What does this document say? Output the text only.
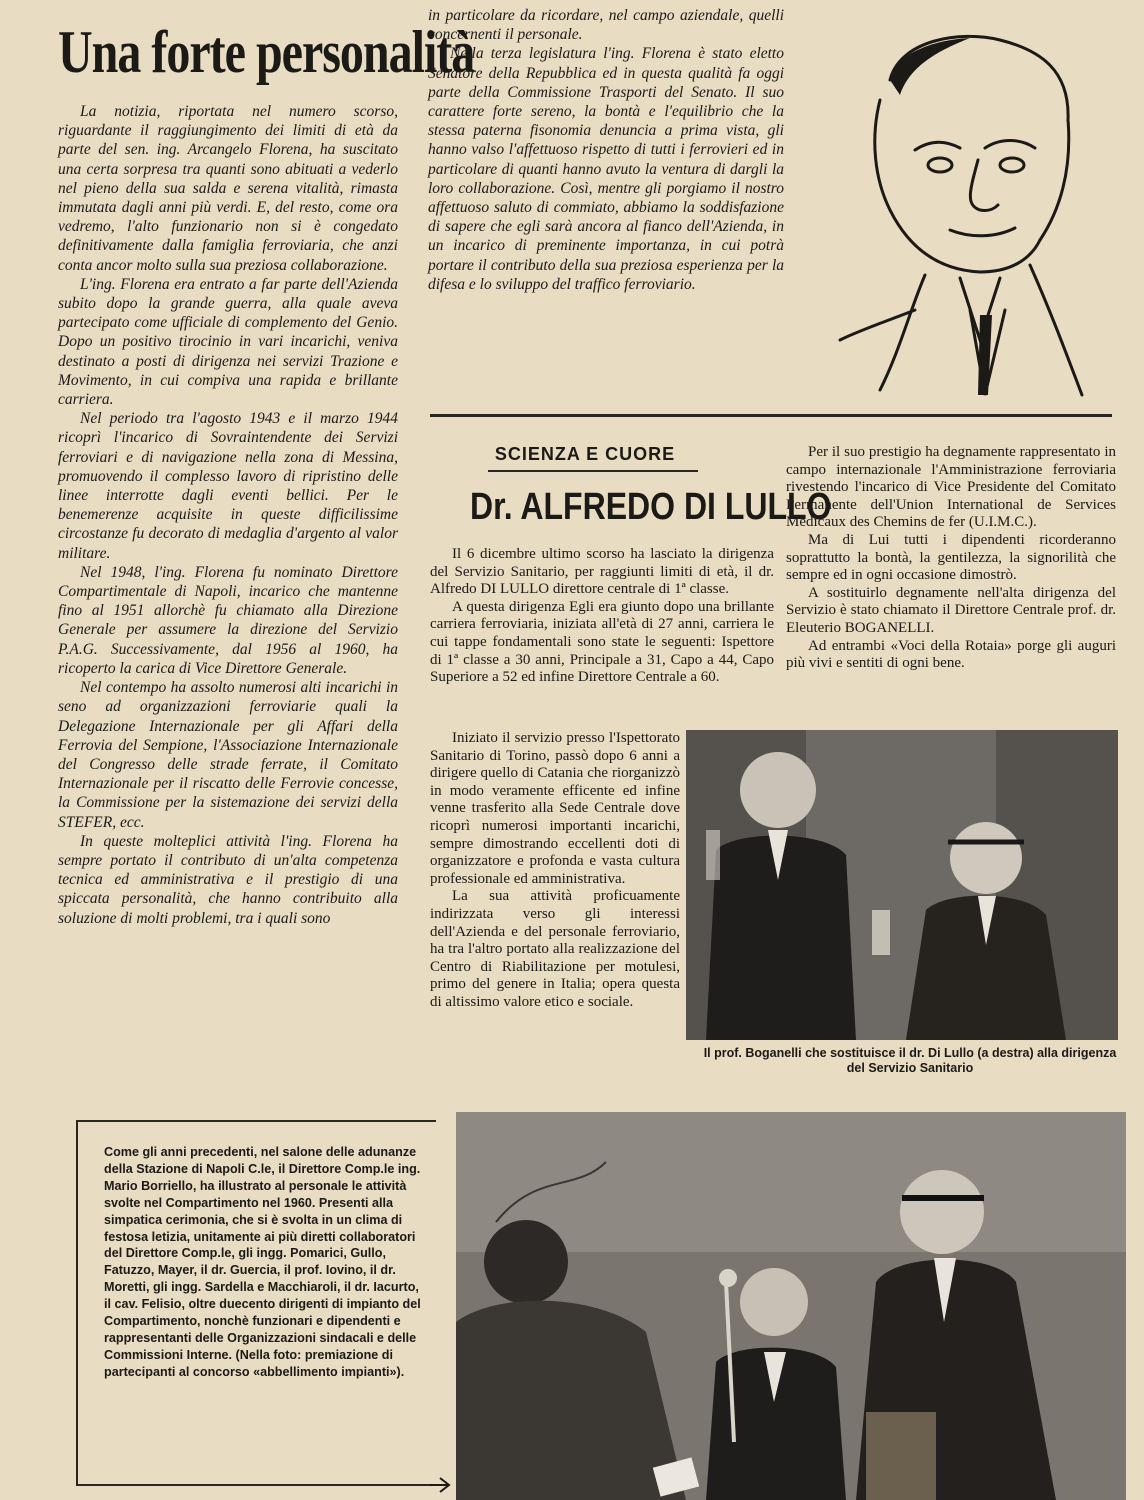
Una forte personalità

La notizia, riportata nel numero scorso, riguardante il raggiungimento dei limiti di età da parte del sen. ing. Arcangelo Florena, ha suscitato una certa sorpresa tra quanti sono abituati a vederlo nel pieno della sua salda e serena vitalità, rimasta immutata dagli anni più verdi. E, del resto, come ora vedremo, l'alto funzionario non si è congedato definitivamente dalla famiglia ferroviaria, che anzi conta ancor molto sulla sua preziosa collaborazione.

L'ing. Florena era entrato a far parte dell'Azienda subito dopo la grande guerra, alla quale aveva partecipato come ufficiale di complemento del Genio. Dopo un positivo tirocinio in vari incarichi, veniva destinato a posti di dirigenza nei servizi Trazione e Movimento, in cui compiva una rapida e brillante carriera.

Nel periodo tra l'agosto 1943 e il marzo 1944 ricoprì l'incarico di Sovraintendente dei Servizi ferroviari e di navigazione nella zona di Messina, promuovendo il complesso lavoro di ripristino delle linee interrotte dagli eventi bellici. Per le benemerenze acquisite in queste difficilissime circostanze fu decorato di medaglia d'argento al valor militare.

Nel 1948, l'ing. Florena fu nominato Direttore Compartimentale di Napoli, incarico che mantenne fino al 1951 allorchè fu chiamato alla Direzione Generale per assumere la direzione del Servizio P.A.G. Successivamente, dal 1956 al 1960, ha ricoperto la carica di Vice Direttore Generale.

Nel contempo ha assolto numerosi alti incarichi in seno ad organizzazioni ferroviarie quali la Delegazione Internazionale per gli Affari della Ferrovia del Sempione, l'Associazione Internazionale del Congresso delle strade ferrate, il Comitato Internazionale per il riscatto delle Ferrovie concesse, la Commissione per la sistemazione dei servizi della STEFER, ecc.

In queste molteplici attività l'ing. Florena ha sempre portato il contributo di un'alta competenza tecnica ed amministrativa e il prestigio di una spiccata personalità, che hanno contribuito alla soluzione di molti problemi, tra i quali sono

in particolare da ricordare, nel campo aziendale, quelli concernenti il personale.

Nella terza legislatura l'ing. Florena è stato eletto Senatore della Repubblica ed in questa qualità fa oggi parte della Commissione Trasporti del Senato. Il suo carattere forte sereno, la bontà e l'equilibrio che la stessa paterna fisonomia denuncia a prima vista, gli hanno valso l'affettuoso rispetto di tutti i ferrovieri ed in particolare di quanti hanno avuto la ventura di dargli la loro collaborazione. Così, mentre gli porgiamo il nostro affettuoso saluto di commiato, abbiamo la soddisfazione di sapere che egli sarà ancora al fianco dell'Azienda, in un incarico di preminente importanza, in cui potrà portare il contributo della sua preziosa esperienza per la difesa e lo sviluppo del traffico ferroviario.

SCIENZA E CUORE
Dr. ALFREDO DI LULLO

Il 6 dicembre ultimo scorso ha lasciato la dirigenza del Servizio Sanitario, per raggiunti limiti di età, il dr. Alfredo DI LULLO direttore centrale di 1ª classe.

A questa dirigenza Egli era giunto dopo una brillante carriera ferroviaria, iniziata all'età di 27 anni, carriera le cui tappe fondamentali sono state le seguenti: Ispettore di 1ª classe a 30 anni, Principale a 31, Capo a 44, Capo Superiore a 52 ed infine Direttore Centrale a 60.

Iniziato il servizio presso l'Ispettorato Sanitario di Torino, passò dopo 6 anni a dirigere quello di Catania che riorganizzò in modo veramente efficente ed infine venne trasferito alla Sede Centrale dove ricoprì numerosi importanti incarichi, sempre dimostrando eccellenti doti di organizzatore e profonda e vasta cultura professionale ed amministrativa.

La sua attività proficuamente indirizzata verso gli interessi dell'Azienda e del personale ferroviario, ha tra l'altro portato alla realizzazione del Centro di Riabilitazione per motulesi, primo del genere in Italia; opera questa di altissimo valore etico e sociale.

Per il suo prestigio ha degnamente rappresentato in campo internazionale l'Amministrazione ferroviaria rivestendo l'incarico di Vice Presidente del Comitato Permanente dell'Union International de Services Medicaux des Chemins de fer (U.I.M.C.).

Ma di Lui tutti i dipendenti ricorderanno soprattutto la bontà, la gentilezza, la signorilità che sempre ed in ogni occasione dimostrò.

A sostituirlo degnamente nell'alta dirigenza del Servizio è stato chiamato il Direttore Centrale prof. dr. Eleuterio BOGANELLI.

Ad entrambi «Voci della Rotaia» porge gli auguri più vivi e sentiti di ogni bene.

Il prof. Boganelli che sostituisce il dr. Di Lullo (a destra) alla dirigenza del Servizio Sanitario

Come gli anni precedenti, nel salone delle adunanze della Stazione di Napoli C.le, il Direttore Comp.le ing. Mario Borriello, ha illustrato al personale le attività svolte nel Compartimento nel 1960. Presenti alla simpatica cerimonia, che si è svolta in un clima di festosa letizia, unitamente ai più diretti collaboratori del Direttore Comp.le, gli ingg. Pomarici, Gullo, Fatuzzo, Mayer, il dr. Guercia, il prof. Iovino, il dr. Moretti, gli ingg. Sardella e Macchiaroli, il dr. Iacurto, il cav. Felisio, oltre duecento dirigenti di impianto del Compartimento, nonchè funzionari e dipendenti e rappresentanti delle Organizzazioni sindacali e delle Commissioni Interne. (Nella foto: premiazione di partecipanti al concorso «abbellimento impianti»).
